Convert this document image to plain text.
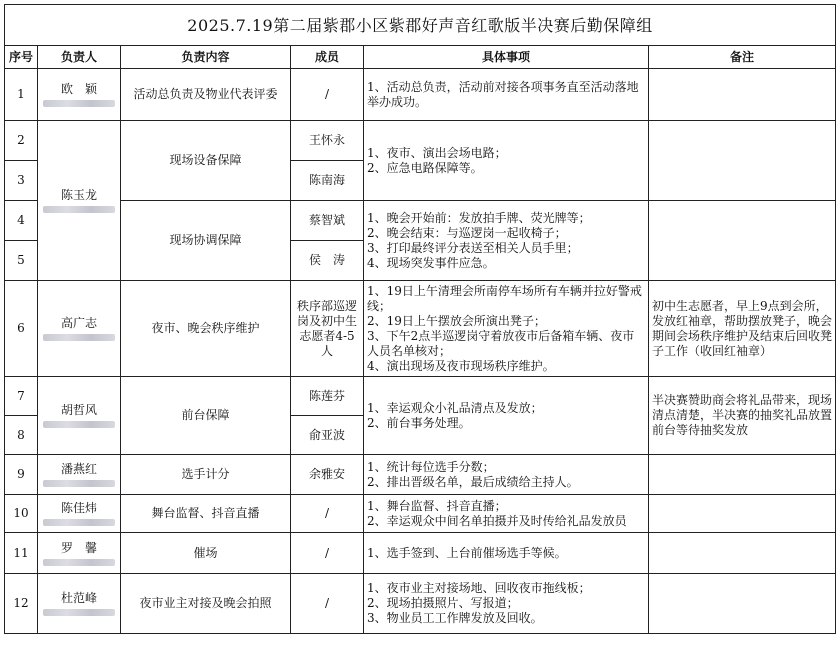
2025.7.19第二届紫郡小区紫郡好声音红歌版半决赛后勤保障组					
序号	负责人	负责内容	成员	具体事项	备注
1	欧　颖	活动总负责及物业代表评委	/	1、活动总负责，活动前对接各项事务直至活动落地举办成功。	

2	陈玉龙	现场设备保障	王怀永	1、夜市、演出会场电路；
2、应急电路保障等。	

3			陈南海		
4		现场协调保障	蔡智斌	1、晚会开始前：发放拍手牌、荧光牌等；
2、晚会结束：与巡逻岗一起收椅子；
3、打印最终评分表送至相关人员手里；
4、现场突发事件应急。	

5			侯　涛		
6	高广志	夜市、晚会秩序维护	秩序部巡逻岗及初中生志愿者4-5人	1、19日上午清理会所南停车场所有车辆并拉好警戒线；
2、19日上午摆放会所演出凳子；
3、下午2点半巡逻岗守着放夜市后备箱车辆、夜市人员名单核对；
4、演出现场及夜市现场秩序维护。	初中生志愿者，早上9点到会所，发放红袖章，帮助摆放凳子，晚会期间会场秩序维护及结束后回收凳子工作（收回红袖章）
7	胡哲风	前台保障	陈莲芬	1、幸运观众小礼品清点及发放；
2、前台事务处理。	半决赛赞助商会将礼品带来，现场清点清楚，半决赛的抽奖礼品放置前台等待抽奖发放
8			俞亚波		
9	潘燕红	选手计分	余雅安	1、统计每位选手分数；
2、排出晋级名单，最后成绩给主持人。	

10	陈佳炜	舞台监督、抖音直播	/	1、舞台监督、抖音直播；
2、幸运观众中间名单拍摄并及时传给礼品发放员	

11	罗　馨	催场	/	1、选手签到、上台前催场选手等候。	

12	杜范峰	夜市业主对接及晚会拍照	/	1、夜市业主对接场地、回收夜市拖线板；
2、现场拍摄照片、写报道；
3、物业员工工作牌发放及回收。	
